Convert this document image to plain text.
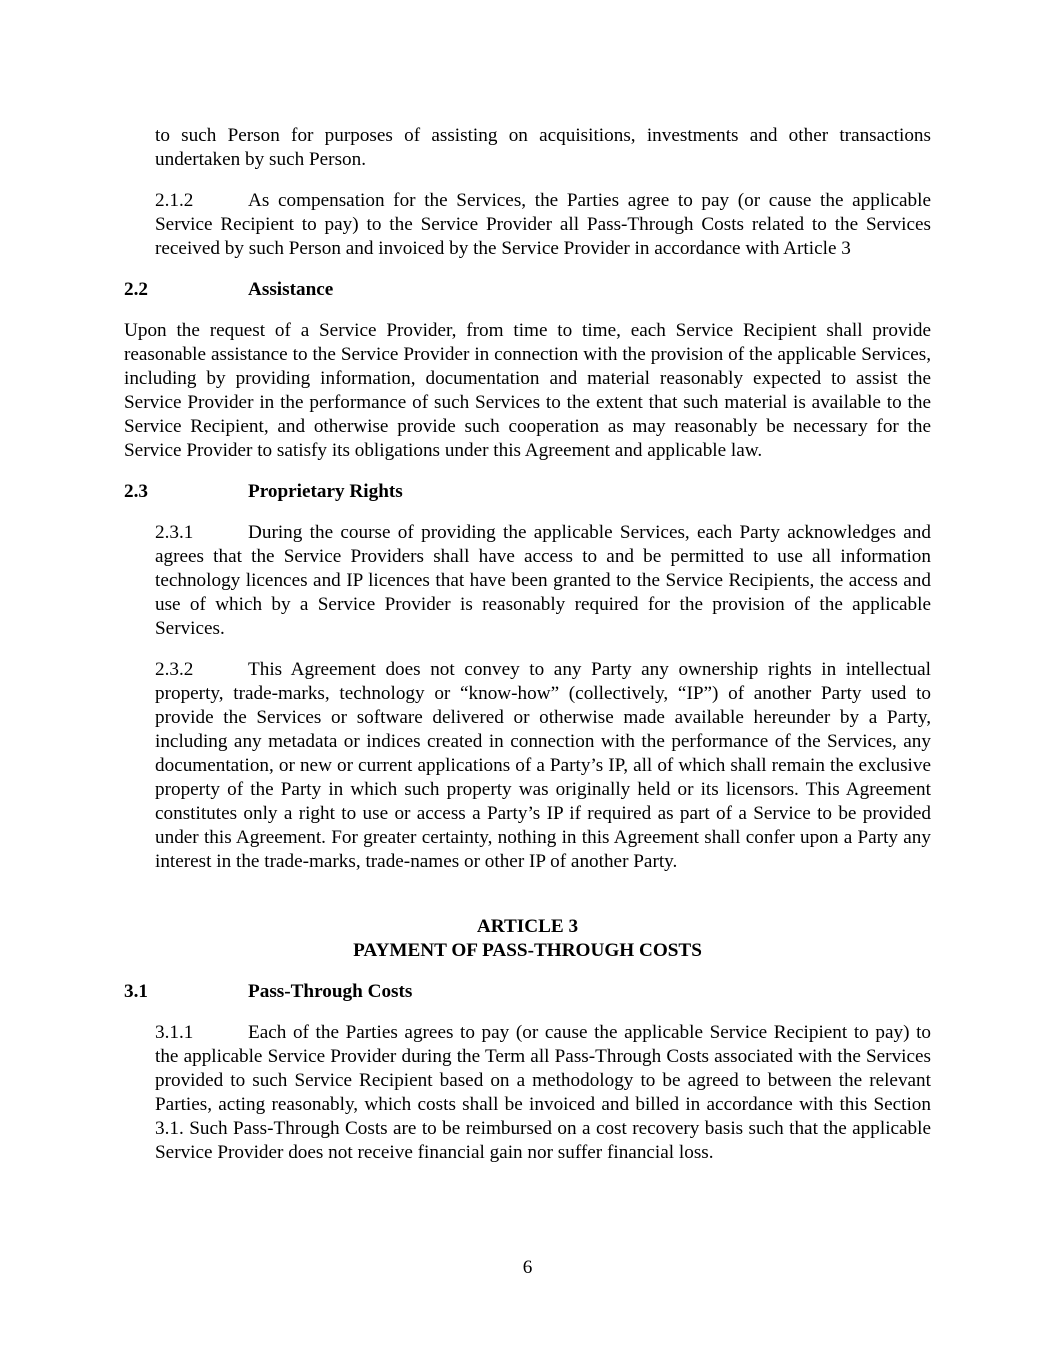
to such Person for purposes of assisting on acquisitions, investments and other transactions undertaken by such Person.

2.1.2	As compensation for the Services, the Parties agree to pay (or cause the applicable Service Recipient to pay) to the Service Provider all Pass-Through Costs related to the Services received by such Person and invoiced by the Service Provider in accordance with Article 3

2.2	Assistance

Upon the request of a Service Provider, from time to time, each Service Recipient shall provide reasonable assistance to the Service Provider in connection with the provision of the applicable Services, including by providing information, documentation and material reasonably expected to assist the Service Provider in the performance of such Services to the extent that such material is available to the Service Recipient, and otherwise provide such cooperation as may reasonably be necessary for the Service Provider to satisfy its obligations under this Agreement and applicable law.

2.3	Proprietary Rights

2.3.1	During the course of providing the applicable Services, each Party acknowledges and agrees that the Service Providers shall have access to and be permitted to use all information technology licences and IP licences that have been granted to the Service Recipients, the access and use of which by a Service Provider is reasonably required for the provision of the applicable Services.

2.3.2	This Agreement does not convey to any Party any ownership rights in intellectual property, trade-marks, technology or “know-how” (collectively, “IP”) of another Party used to provide the Services or software delivered or otherwise made available hereunder by a Party, including any metadata or indices created in connection with the performance of the Services, any documentation, or new or current applications of a Party’s IP, all of which shall remain the exclusive property of the Party in which such property was originally held or its licensors. This Agreement constitutes only a right to use or access a Party’s IP if required as part of a Service to be provided under this Agreement. For greater certainty, nothing in this Agreement shall confer upon a Party any interest in the trade-marks, trade-names or other IP of another Party.

ARTICLE 3

PAYMENT OF PASS-THROUGH COSTS

3.1	Pass-Through Costs

3.1.1	Each of the Parties agrees to pay (or cause the applicable Service Recipient to pay) to the applicable Service Provider during the Term all Pass-Through Costs associated with the Services provided to such Service Recipient based on a methodology to be agreed to between the relevant Parties, acting reasonably, which costs shall be invoiced and billed in accordance with this Section 3.1. Such Pass-Through Costs are to be reimbursed on a cost recovery basis such that the applicable Service Provider does not receive financial gain nor suffer financial loss.

6
